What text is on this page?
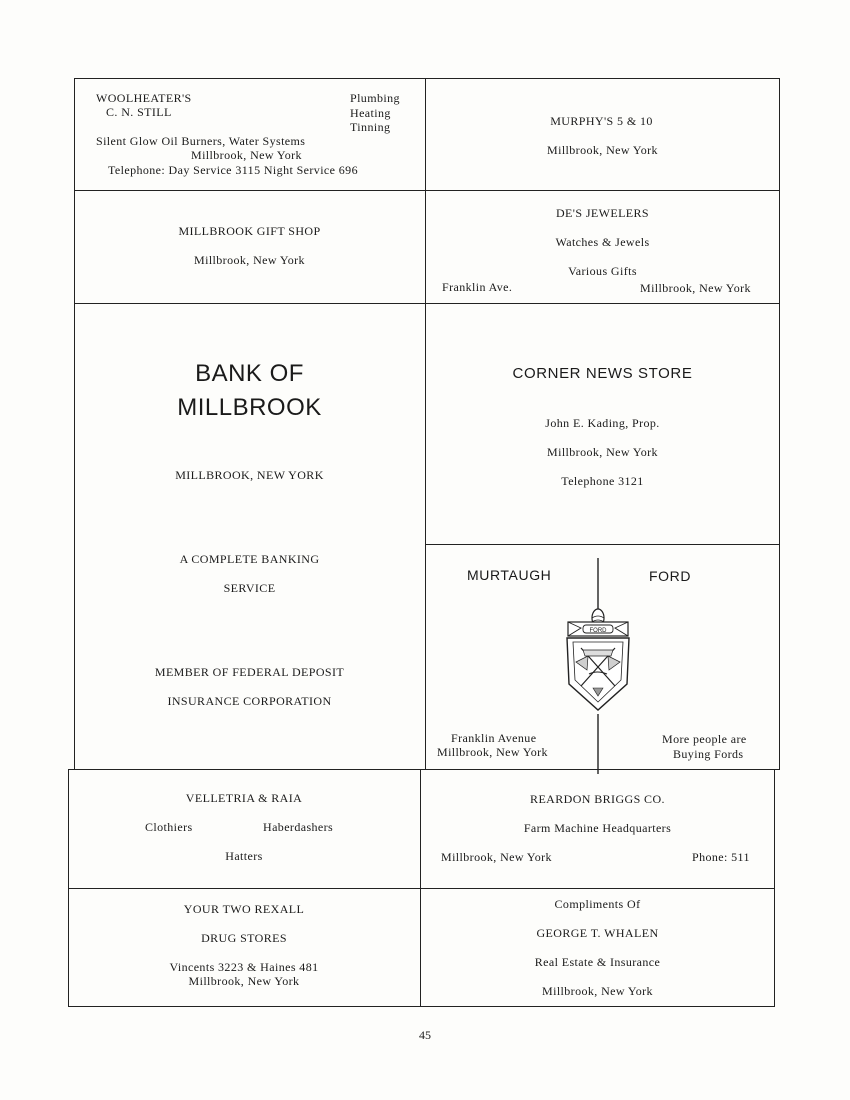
WOOLHEATER'S
C. N. STILL
Plumbing
Heating
Tinning
Silent Glow Oil Burners, Water Systems
Millbrook, New York
Telephone: Day Service 3115 Night Service 696
MURPHY'S 5 & 10
Millbrook, New York
MILLBROOK GIFT SHOP
Millbrook, New York
DE'S JEWELERS
Watches & Jewels
Various Gifts
Franklin Ave.	Millbrook, New York
BANK OF
MILLBROOK
MILLBROOK, NEW YORK
A COMPLETE BANKING
SERVICE
MEMBER OF FEDERAL DEPOSIT
INSURANCE CORPORATION
CORNER NEWS STORE
John E. Kading, Prop.
Millbrook, New York
Telephone 3121
MURTAUGH	FORD
FORD
Franklin Avenue
Millbrook, New York
More people are
Buying Fords
VELLETRIA & RAIA
Clothiers	Haberdashers
Hatters
REARDON BRIGGS CO.
Farm Machine Headquarters
Millbrook, New York	Phone: 511
YOUR TWO REXALL
DRUG STORES
Vincents 3223 & Haines 481
Millbrook, New York
Compliments Of
GEORGE T. WHALEN
Real Estate & Insurance
Millbrook, New York
45
